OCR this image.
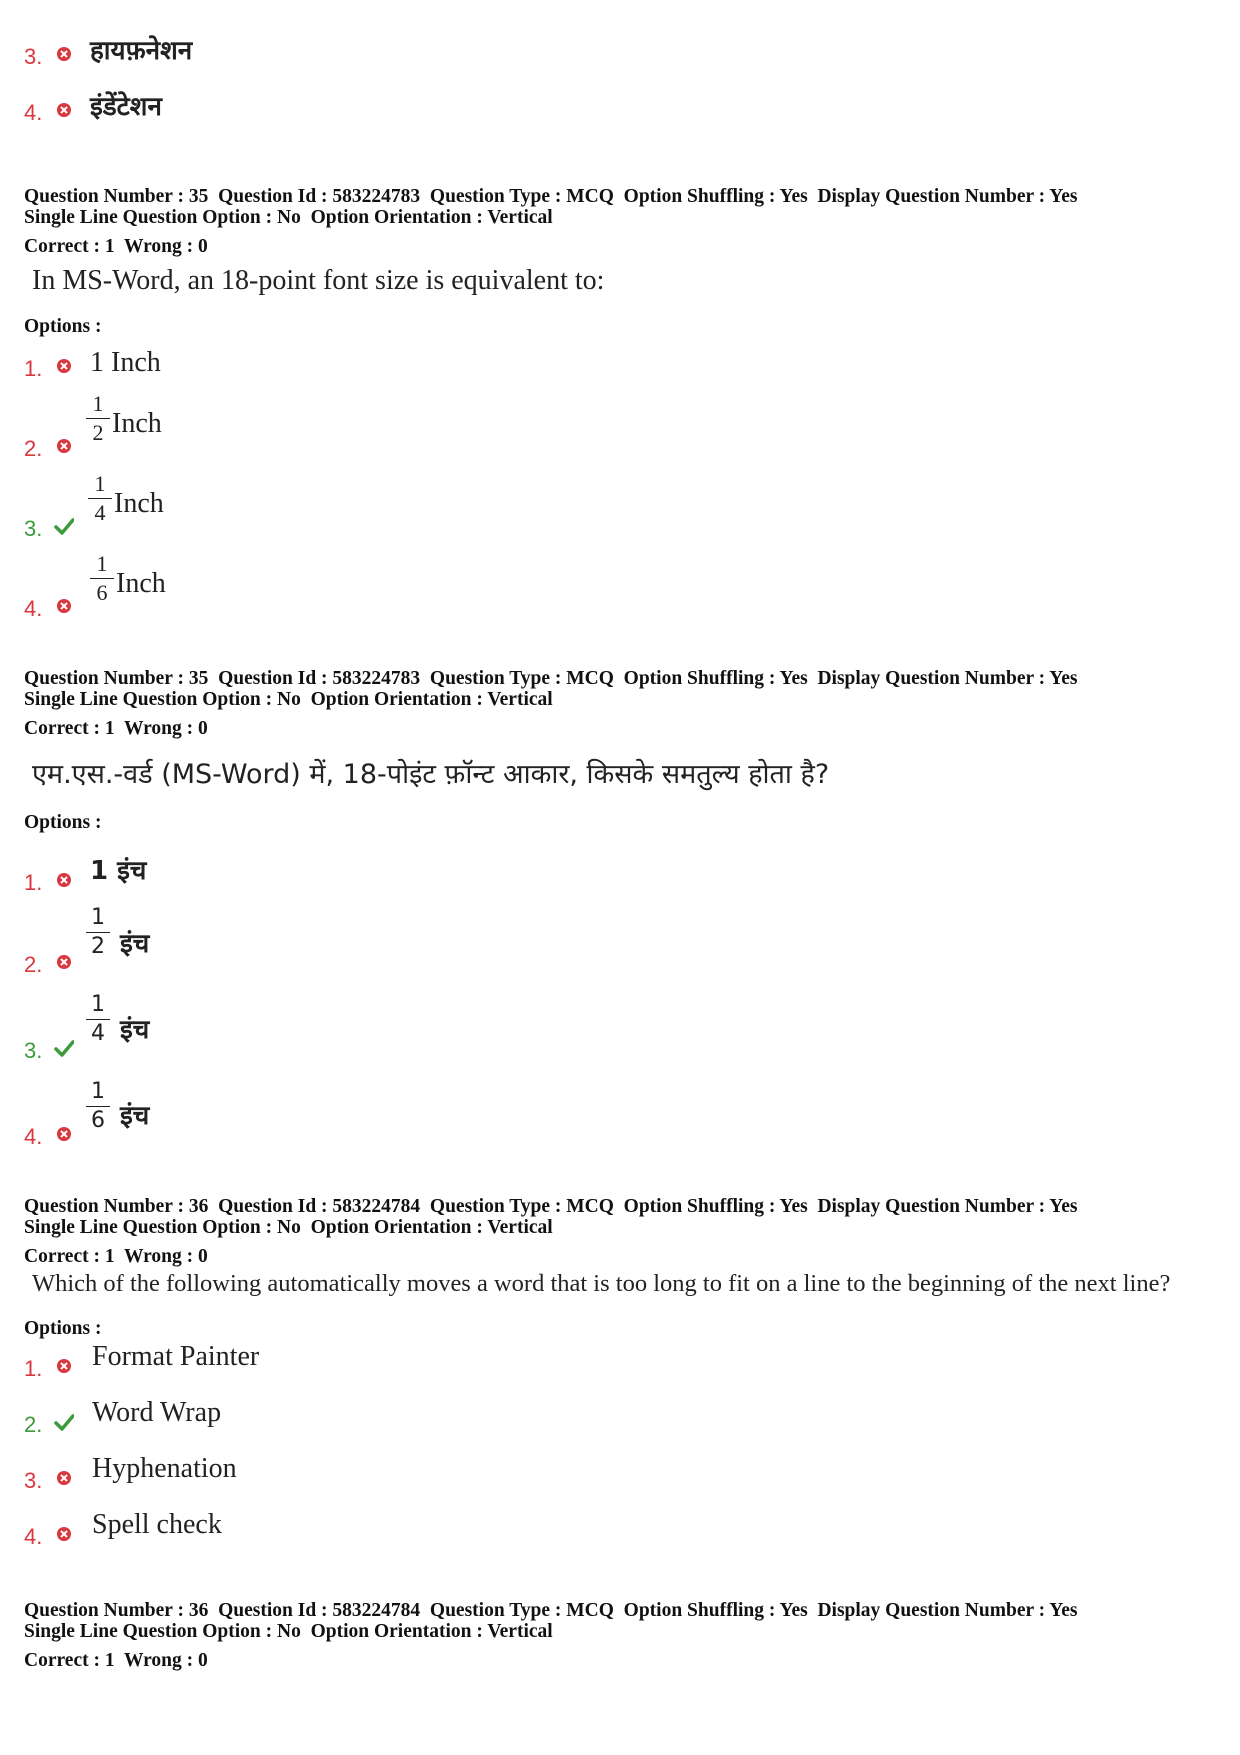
3. हायफ़नेशन
4. इंडेंटेशन
Question Number : 35  Question Id : 583224783  Question Type : MCQ  Option Shuffling : Yes  Display Question Number : Yes
Single Line Question Option : No  Option Orientation : Vertical
Correct : 1  Wrong : 0
In MS-Word, an 18-point font size is equivalent to:
Options :
1. 1 Inch
2.
1
2 Inch
3.
1
4 Inch
4.
1
6 Inch
Question Number : 35  Question Id : 583224783  Question Type : MCQ  Option Shuffling : Yes  Display Question Number : Yes
Single Line Question Option : No  Option Orientation : Vertical
Correct : 1  Wrong : 0
एम.एस.-वर्ड (MS-Word) में, 18-पोइंट फ़ॉन्ट आकार, किसके समतुल्य होता है?
Options :
1. 1 इंच
2.
1
2 इंच
3.
1
4 इंच
4.
1
6 इंच
Question Number : 36  Question Id : 583224784  Question Type : MCQ  Option Shuffling : Yes  Display Question Number : Yes
Single Line Question Option : No  Option Orientation : Vertical
Correct : 1  Wrong : 0
Which of the following automatically moves a word that is too long to fit on a line to the beginning of the next line?
Options :
1. Format Painter
2. Word Wrap
3. Hyphenation
4. Spell check
Question Number : 36  Question Id : 583224784  Question Type : MCQ  Option Shuffling : Yes  Display Question Number : Yes
Single Line Question Option : No  Option Orientation : Vertical
Correct : 1  Wrong : 0
